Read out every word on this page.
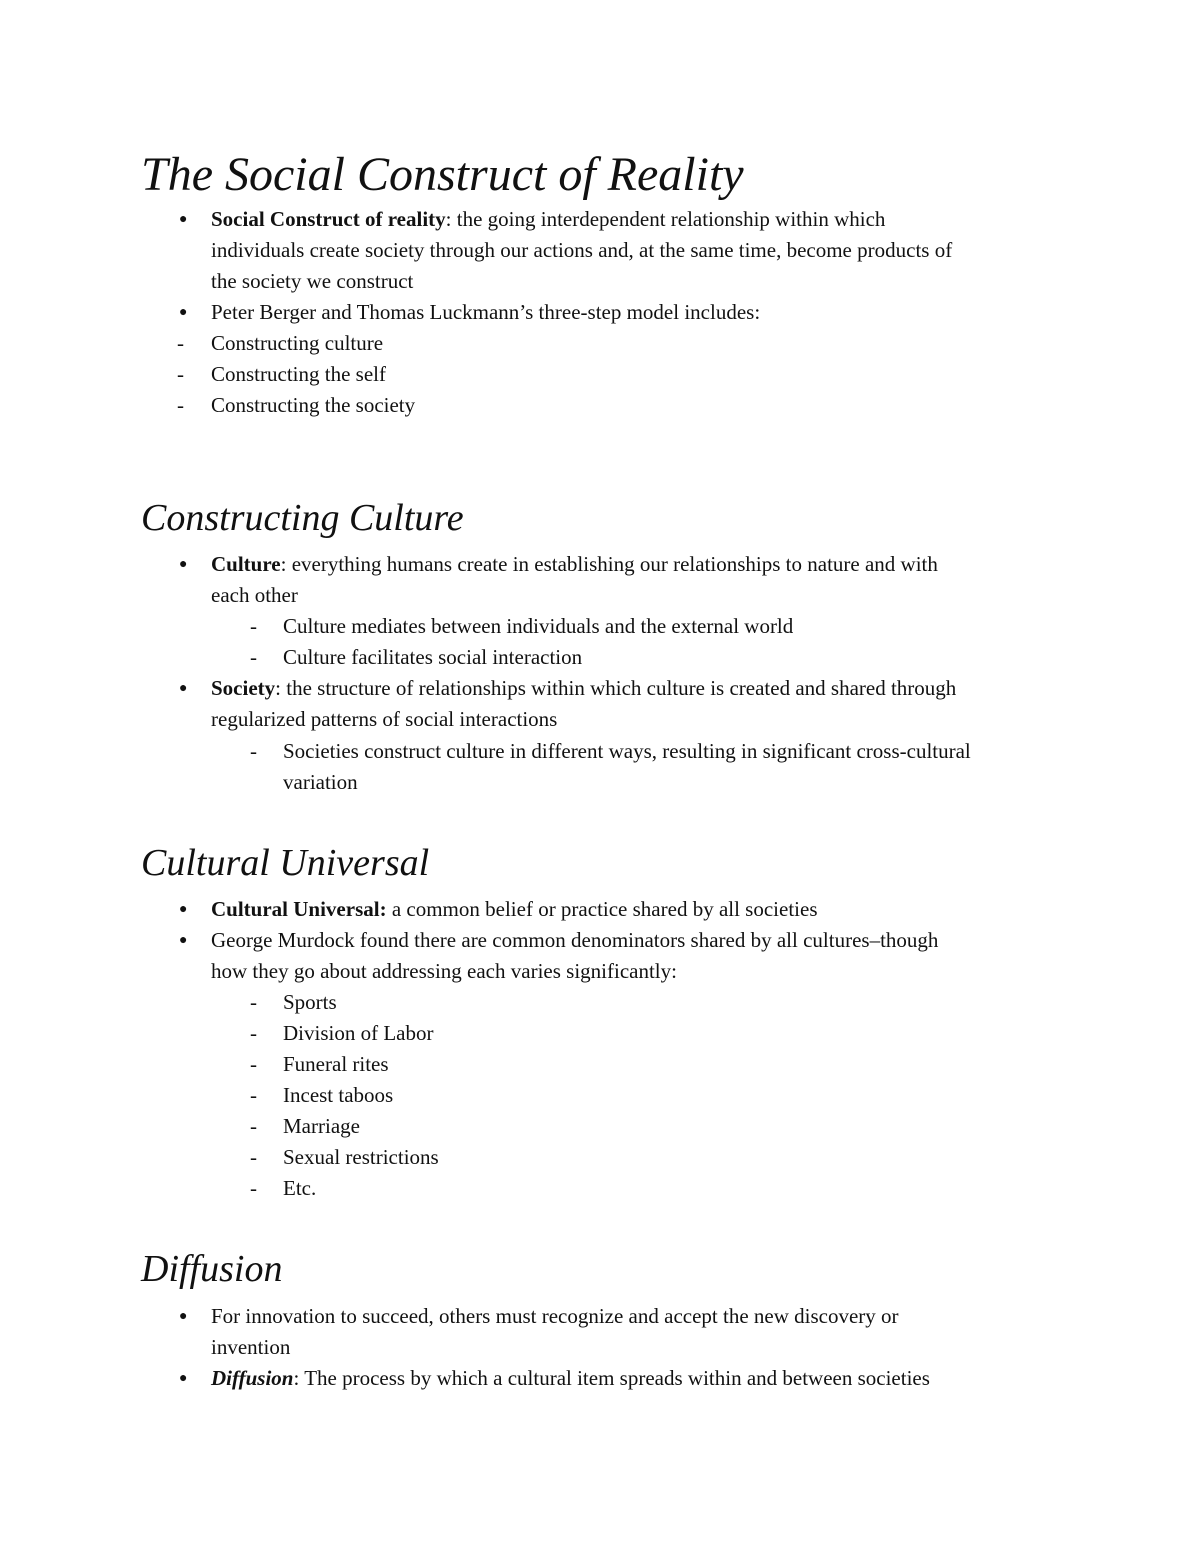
The Social Construct of Reality
● Social Construct of reality: the going interdependent relationship within which
individuals create society through our actions and, at the same time, become products of
the society we construct
● Peter Berger and Thomas Luckmann’s three-step model includes:
- Constructing culture
- Constructing the self
- Constructing the society
Constructing Culture
● Culture: everything humans create in establishing our relationships to nature and with
each other
- Culture mediates between individuals and the external world
- Culture facilitates social interaction
● Society: the structure of relationships within which culture is created and shared through
regularized patterns of social interactions
- Societies construct culture in different ways, resulting in significant cross-cultural
variation
Cultural Universal
● Cultural Universal: a common belief or practice shared by all societies
● George Murdock found there are common denominators shared by all cultures–though
how they go about addressing each varies significantly:
- Sports
- Division of Labor
- Funeral rites
- Incest taboos
- Marriage
- Sexual restrictions
- Etc.
Diffusion
● For innovation to succeed, others must recognize and accept the new discovery or
invention
● Diffusion: The process by which a cultural item spreads within and between societies
